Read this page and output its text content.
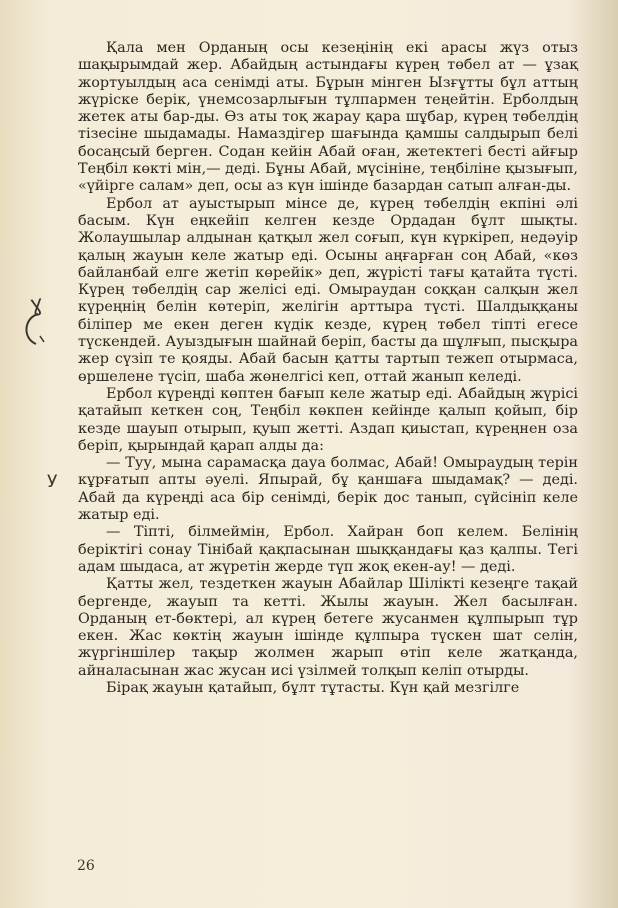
Қала мен Орданың осы кезеңінің екі арасы жүз отыз шақырымдай жер. Абайдың астындағы күрең төбел ат — ұзақ жортуылдың аса сенімді аты. Бұрын мінген Ызғұтты бұл аттың жүріске берік, үнемсозарлығын тұлпармен теңейтін. Ерболдың жетек аты бар-ды. Өз аты тоқ жарау қара шұбар, күрең төбелдің тізесіне шыдамады. Намаздігер шағында қамшы салдырып белі босаңсый берген. Содан кейін Абай оған, жетектегі бесті айғыр Теңбіл көкті мін,— деді. Бұны Абай, мүсініне, теңбіліне қызығып, «үйірге салам» деп, осы аз күн ішінде базардан сатып алған-ды.

Ербол ат ауыстырып мінсе де, күрең төбелдің екпіні әлі басым. Күн еңкейіп келген кезде Ордадан бұлт шықты. Жолаушылар алдынан қатқыл жел соғып, күн күркіреп, недәуір қалың жауын келе жатыр еді. Осыны аңғарған соң Абай, «көз байланбай елге жетіп көрейік» деп, жүрісті тағы қатайта түсті. Күрең төбелдің сар желісі еді. Омыраудан соққан салқын жел күреңнің белін көтеріп, желігін арттыра түсті. Шалдыққаны біліпер ме екен деген күдік кезде, күрең төбел тіпті егесе түскендей. Ауыздығын шайнай беріп, басты да шұлғып, пысқыра жер сүзіп те қояды. Абай басын қатты тартып тежеп отырмаса, өршелене түсіп, шаба жөнелгісі кеп, оттай жанып келеді.

Ербол күреңді көптен бағып келе жатыр еді. Абайдың жүрісі қатайып кеткен соң, Теңбіл көкпен кейінде қалып қойып, бір кезде шауып отырып, қуып жетті. Аздап қиыстап, күреңнен оза беріп, қырындай қарап алды да:

— Туу, мына сарамасқа дауа болмас, Абай! Омыраудың терін кұрғатып апты әуелі. Япырай, бұ қаншаға шыдамақ? — деді. Абай да күреңді аса бір сенімді, берік дос танып, сүйсініп келе жатыр еді.

— Тіпті, білмеймін, Ербол. Хайран боп келем. Белінің беріктігі сонау Тінібай қақпасынан шыққандағы қаз қалпы. Тегі адам шыдаса, ат жүретін жерде түп жоқ екен-ау! — деді.

Қатты жел, тездеткен жауын Абайлар Шілікті кезеңге тақай бергенде, жауып та кетті. Жылы жауын. Жел басылған. Орданың ет-бөктері, ал күрең бетеге жусанмен құлпырып тұр екен. Жас көктің жауын ішінде құлпыра түскен шат селін, жүргіншілер тақыр жолмен жарып өтіп келе жатқанда, айналасынан жас жусан исі үзілмей толқып келіп отырды.

Бірақ жауын қатайып, бұлт тұтасты. Күн қай мезгілге

ɣ
У
26
